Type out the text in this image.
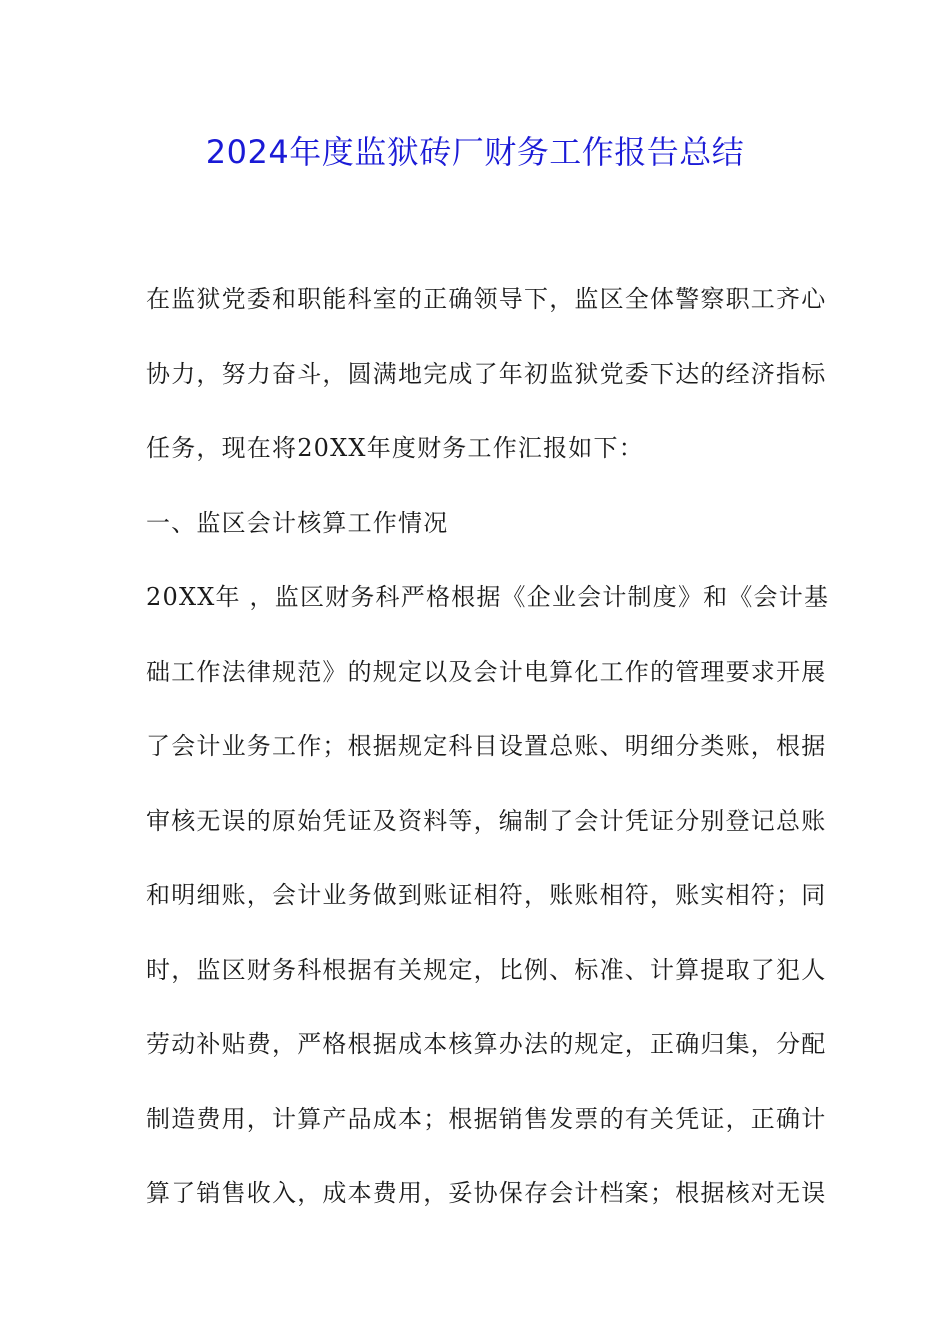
2024年度监狱砖厂财务工作报告总结
在监狱党委和职能科室的正确领导下，监区全体警察职工齐心
协力，努力奋斗，圆满地完成了年初监狱党委下达的经济指标
任务，现在将20XX年度财务工作汇报如下：
一、监区会计核算工作情况
20XX年 ，监区财务科严格根据《企业会计制度》和《会计基
础工作法律规范》的规定以及会计电算化工作的管理要求开展
了会计业务工作；根据规定科目设置总账、明细分类账，根据
审核无误的原始凭证及资料等，编制了会计凭证分别登记总账
和明细账，会计业务做到账证相符，账账相符，账实相符；同
时，监区财务科根据有关规定，比例、标准、计算提取了犯人
劳动补贴费，严格根据成本核算办法的规定，正确归集，分配
制造费用，计算产品成本；根据销售发票的有关凭证，正确计
算了销售收入，成本费用，妥协保存会计档案；根据核对无误
